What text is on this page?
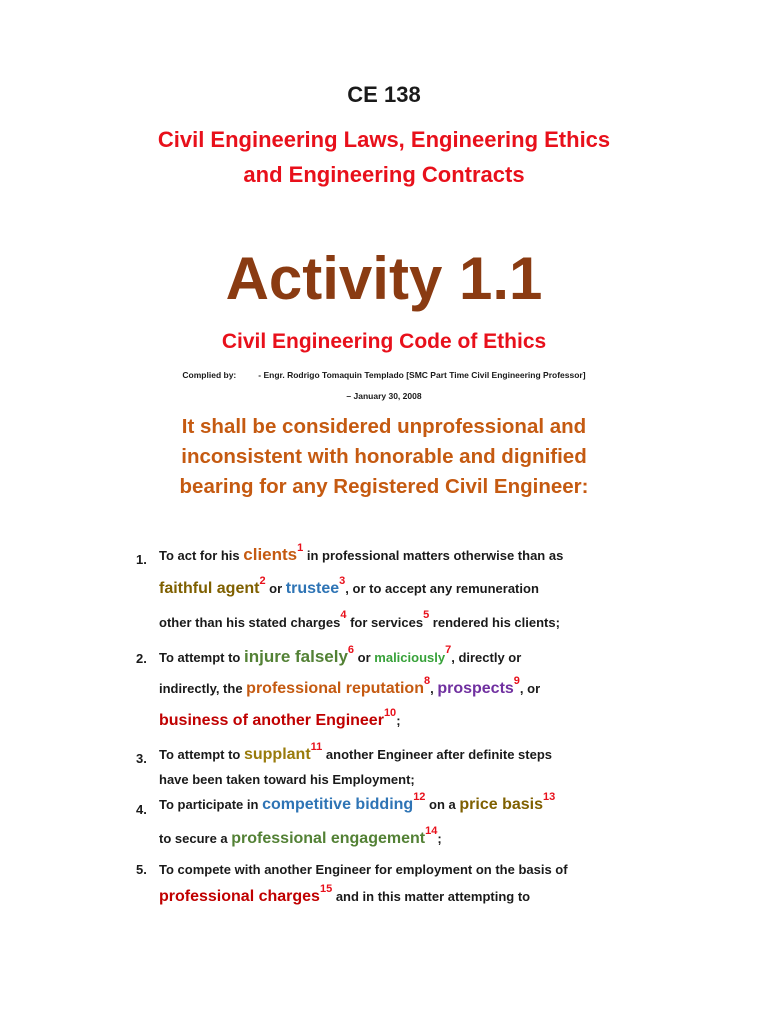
CE 138
Civil Engineering Laws, Engineering Ethics
and Engineering Contracts
Activity 1.1
Civil Engineering Code of Ethics
Complied by:	- Engr. Rodrigo Tomaquin Templado [SMC Part Time Civil Engineering Professor]
– January 30, 2008
It shall be considered unprofessional and
inconsistent with honorable and dignified
bearing for any Registered Civil Engineer:
1. To act for his clients$^1$ in professional matters otherwise than as
faithful agent$^2$ or trustee$^3$, or to accept any remuneration
other than his stated charges$^4$ for services$^5$ rendered his clients;
2. To attempt to injure falsely$^6$ or maliciously$^7$, directly or
indirectly, the professional reputation$^8$, prospects$^9$, or
business of another Engineer$^{10}$;
3. To attempt to supplant$^{11}$ another Engineer after definite steps
have been taken toward his Employment;
4. To participate in competitive bidding$^{12}$ on a price basis$^{13}$
to secure a professional engagement$^{14}$;
5. To compete with another Engineer for employment on the basis of
professional charges$^{15}$ and in this matter attempting to
